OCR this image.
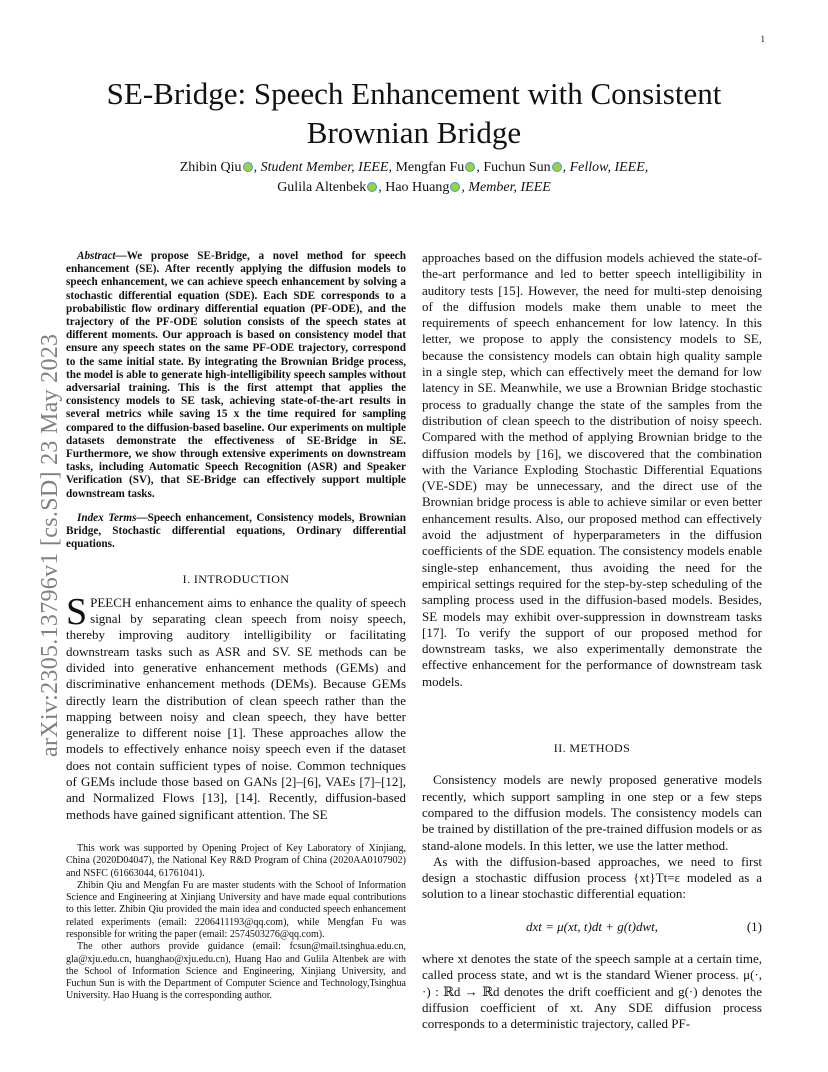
1
arXiv:2305.13796v1 [cs.SD] 23 May 2023
SE-Bridge: Speech Enhancement with Consistent Brownian Bridge
Zhibin Qiu , Student Member, IEEE, Mengfan Fu , Fuchun Sun , Fellow, IEEE,
Gulila Altenbek , Hao Huang , Member, IEEE

Abstract—We propose SE-Bridge, a novel method for speech enhancement (SE). After recently applying the diffusion models to speech enhancement, we can achieve speech enhancement by solving a stochastic differential equation (SDE). Each SDE corresponds to a probabilistic flow ordinary differential equation (PF-ODE), and the trajectory of the PF-ODE solution consists of the speech states at different moments. Our approach is based on consistency model that ensure any speech states on the same PF-ODE trajectory, correspond to the same initial state. By integrating the Brownian Bridge process, the model is able to generate high-intelligibility speech samples without adversarial training. This is the first attempt that applies the consistency models to SE task, achieving state-of-the-art results in several metrics while saving 15 x the time required for sampling compared to the diffusion-based baseline. Our experiments on multiple datasets demonstrate the effectiveness of SE-Bridge in SE. Furthermore, we show through extensive experiments on downstream tasks, including Automatic Speech Recognition (ASR) and Speaker Verification (SV), that SE-Bridge can effectively support multiple downstream tasks.

Index Terms—Speech enhancement, Consistency models, Brownian Bridge, Stochastic differential equations, Ordinary differential equations.

I. INTRODUCTION

SPEECH enhancement aims to enhance the quality of speech signal by separating clean speech from noisy speech, thereby improving auditory intelligibility or facilitating downstream tasks such as ASR and SV. SE methods can be divided into generative enhancement methods (GEMs) and discriminative enhancement methods (DEMs). Because GEMs directly learn the distribution of clean speech rather than the mapping between noisy and clean speech, they have better generalize to different noise [1]. These approaches allow the models to effectively enhance noisy speech even if the dataset does not contain sufficient types of noise. Common techniques of GEMs include those based on GANs [2]–[6], VAEs [7]–[12], and Normalized Flows [13], [14]. Recently, diffusion-based methods have gained significant attention. The SE

This work was supported by Opening Project of Key Laboratory of Xinjiang, China (2020D04047), the National Key R&D Program of China (2020AA0107902) and NSFC (61663044, 61761041).

Zhibin Qiu and Mengfan Fu are master students with the School of Information Science and Engineering at Xinjiang University and have made equal contributions to this letter. Zhibin Qiu provided the main idea and conducted speech enhancement related experiments (email: 2206411193@qq.com), while Mengfan Fu was responsible for writing the paper (email: 2574503276@qq.com).

The other authors provide guidance (email: fcsun@mail.tsinghua.edu.cn, gla@xju.edu.cn, huanghao@xju.edu.cn), Huang Hao and Gulila Altenbek are with the School of Information Science and Engineering, Xinjiang University, and Fuchun Sun is with the Department of Computer Science and Technology,Tsinghua University. Hao Huang is the corresponding author.

approaches based on the diffusion models achieved the state-of-the-art performance and led to better speech intelligibility in auditory tests [15]. However, the need for multi-step denoising of the diffusion models make them unable to meet the requirements of speech enhancement for low latency. In this letter, we propose to apply the consistency models to SE, because the consistency models can obtain high quality sample in a single step, which can effectively meet the demand for low latency in SE. Meanwhile, we use a Brownian Bridge stochastic process to gradually change the state of the samples from the distribution of clean speech to the distribution of noisy speech. Compared with the method of applying Brownian bridge to the diffusion models by [16], we discovered that the combination with the Variance Exploding Stochastic Differential Equations (VE-SDE) may be unnecessary, and the direct use of the Brownian bridge process is able to achieve similar or even better enhancement results. Also, our proposed method can effectively avoid the adjustment of hyperparameters in the diffusion coefficients of the SDE equation. The consistency models enable single-step enhancement, thus avoiding the need for the empirical settings required for the step-by-step scheduling of the sampling process used in the diffusion-based models. Besides, SE models may exhibit over-suppression in downstream tasks [17]. To verify the support of our proposed method for downstream tasks, we also experimentally demonstrate the effective enhancement for the performance of downstream task models.

II. METHODS

Consistency models are newly proposed generative models recently, which support sampling in one step or a few steps compared to the diffusion models. The consistency models can be trained by distillation of the pre-trained diffusion models or as stand-alone models. In this letter, we use the latter method.

As with the diffusion-based approaches, we need to first design a stochastic diffusion process {xt}Tt=ε modeled as a solution to a linear stochastic differential equation:

dxt = μ(xt, t)dt + g(t)dwt,	(1)

where xt denotes the state of the speech sample at a certain time, called process state, and wt is the standard Wiener process. μ(·, ·) : ℝd → ℝd denotes the drift coefficient and g(·) denotes the diffusion coefficient of xt. Any SDE diffusion process corresponds to a deterministic trajectory, called PF-
